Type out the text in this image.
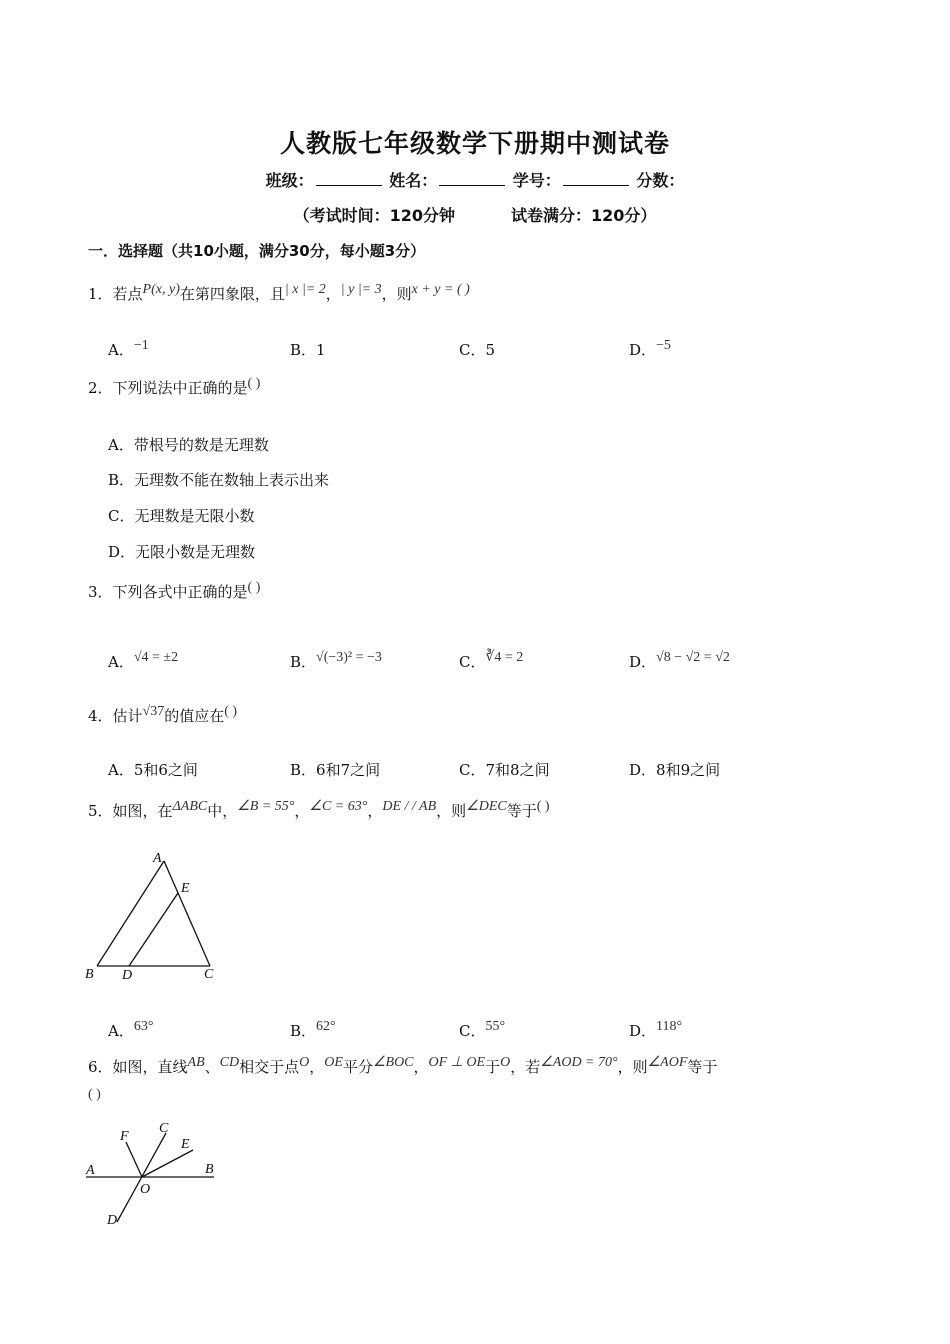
人教版七年级数学下册期中测试卷
班级：	姓名：	学号：	分数：
（考试时间：120分钟	试卷满分：120分）
一．选择题（共10小题，满分30分，每小题3分）
1．若点P(x, y)在第四象限，且| x |= 2，| y |= 3，则x + y = ( )
A．−1	B．1	C．5	D．−5
2．下列说法中正确的是( )
A．带根号的数是无理数
B．无理数不能在数轴上表示出来
C．无理数是无限小数
D．无限小数是无理数
3．下列各式中正确的是( )
A．√4 = ±2	B．√(−3)² = −3	C．∛4 = 2	D．√8 − √2 = √2
4．估计√37的值应在( )
A．5和6之间	B．6和7之间	C．7和8之间	D．8和9之间
5．如图，在ΔABC中，∠B = 55°，∠C = 63°，DE / / AB，则∠DEC等于( )
A
E
B D	C
A．63°	B．62°	C．55°	D．118°
6．如图，直线AB、CD相交于点O，OE平分∠BOC，OF ⊥ OE于O，若∠AOD = 70°，则∠AOF等于
( )
F
C
E
A	B
O
D
